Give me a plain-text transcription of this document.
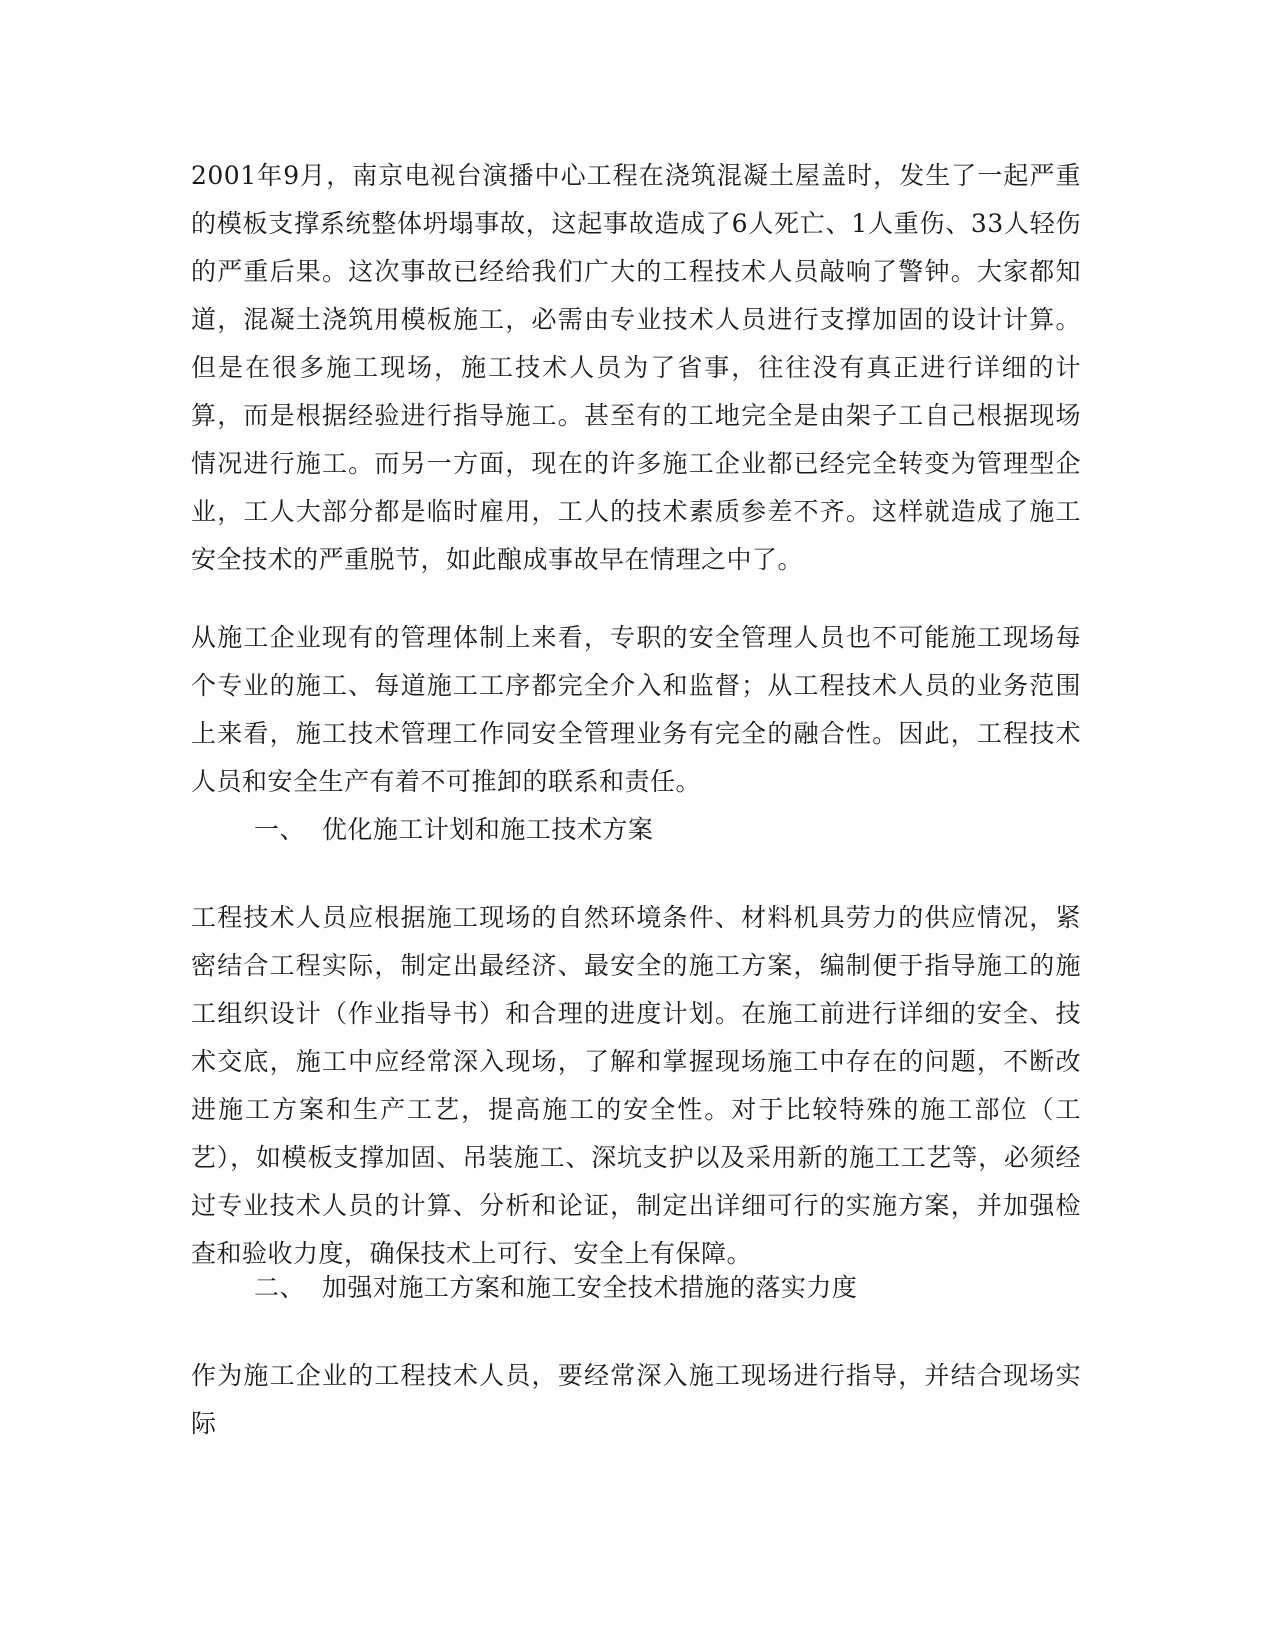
2001年9月，南京电视台演播中心工程在浇筑混凝土屋盖时，发生了一起严重的模板支撑系统整体坍塌事故，这起事故造成了6人死亡、1人重伤、33人轻伤的严重后果。这次事故已经给我们广大的工程技术人员敲响了警钟。大家都知道，混凝土浇筑用模板施工，必需由专业技术人员进行支撑加固的设计计算。但是在很多施工现场，施工技术人员为了省事，往往没有真正进行详细的计算，而是根据经验进行指导施工。甚至有的工地完全是由架子工自己根据现场情况进行施工。而另一方面，现在的许多施工企业都已经完全转变为管理型企业，工人大部分都是临时雇用，工人的技术素质参差不齐。这样就造成了施工安全技术的严重脱节，如此酿成事故早在情理之中了。

从施工企业现有的管理体制上来看，专职的安全管理人员也不可能施工现场每个专业的施工、每道施工工序都完全介入和监督；从工程技术人员的业务范围上来看，施工技术管理工作同安全管理业务有完全的融合性。因此，工程技术人员和安全生产有着不可推卸的联系和责任。

一、  优化施工计划和施工技术方案

工程技术人员应根据施工现场的自然环境条件、材料机具劳力的供应情况，紧密结合工程实际，制定出最经济、最安全的施工方案，编制便于指导施工的施工组织设计（作业指导书）和合理的进度计划。在施工前进行详细的安全、技术交底，施工中应经常深入现场，了解和掌握现场施工中存在的问题，不断改进施工方案和生产工艺，提高施工的安全性。对于比较特殊的施工部位（工艺），如模板支撑加固、吊装施工、深坑支护以及采用新的施工工艺等，必须经过专业技术人员的计算、分析和论证，制定出详细可行的实施方案，并加强检查和验收力度，确保技术上可行、安全上有保障。

二、  加强对施工方案和施工安全技术措施的落实力度

作为施工企业的工程技术人员，要经常深入施工现场进行指导，并结合现场实际
